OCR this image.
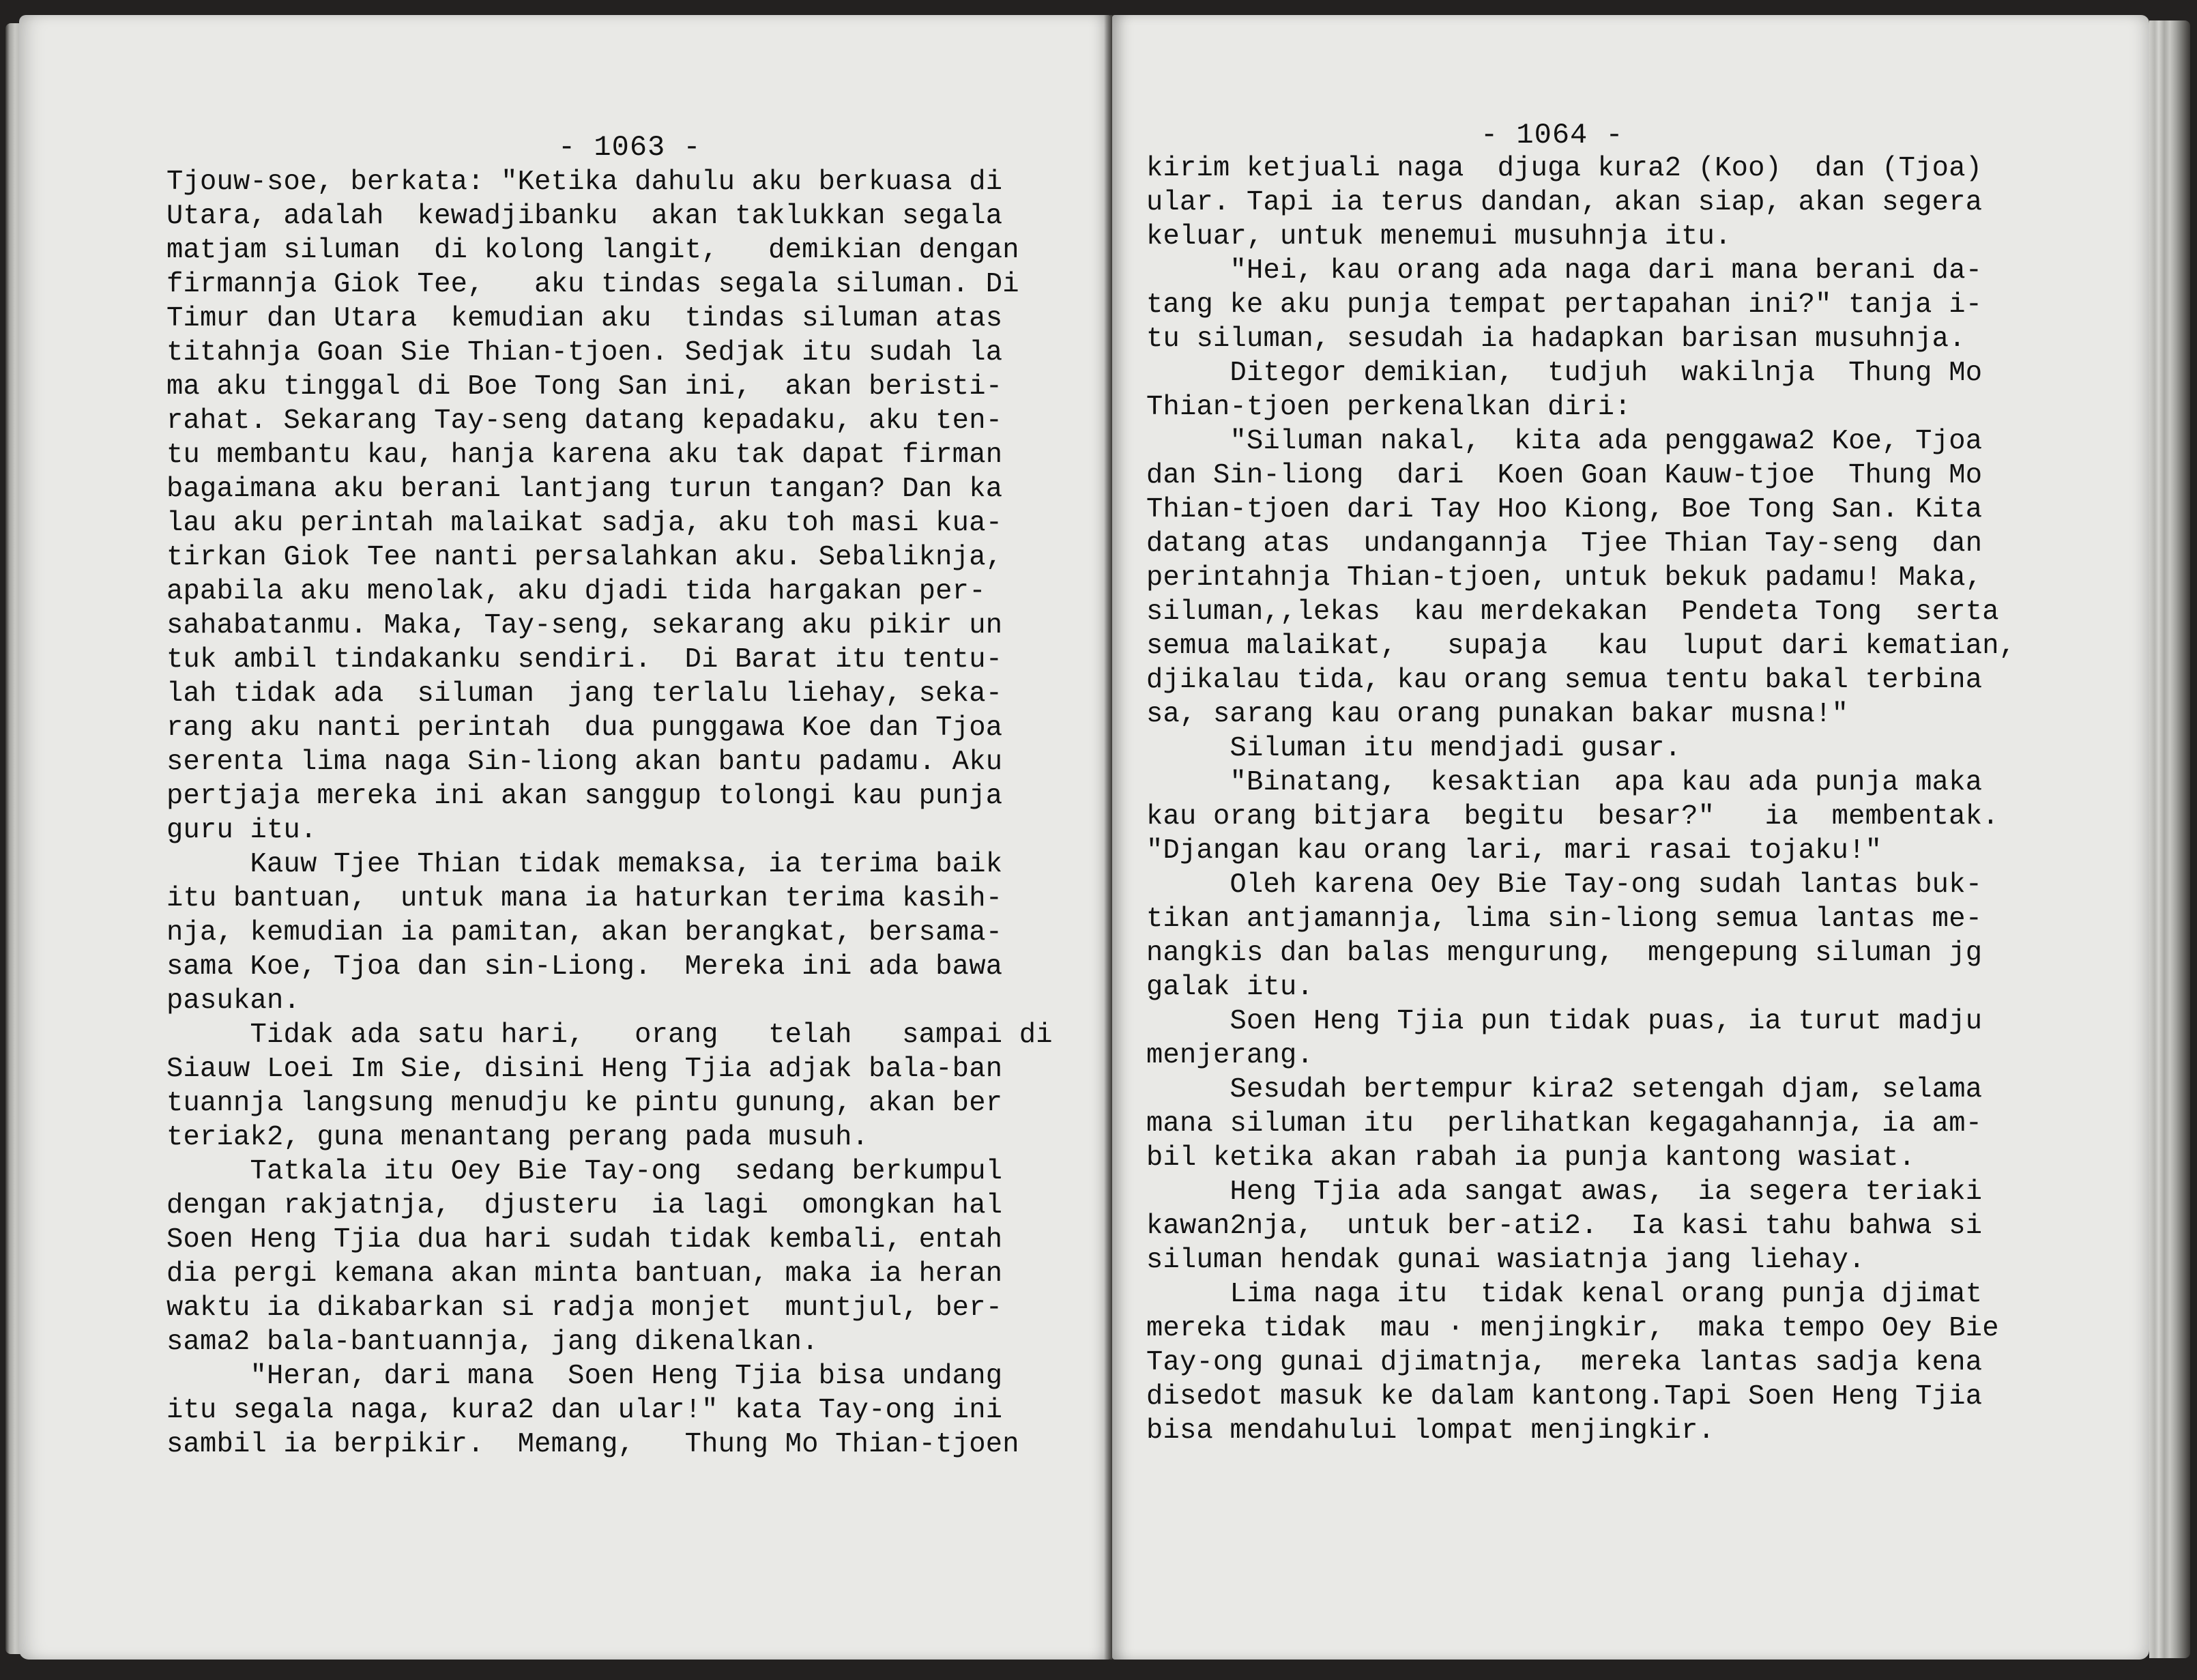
- 1063 -
Tjouw-soe, berkata: "Ketika dahulu aku berkuasa di
Utara, adalah  kewadjibanku  akan taklukkan segala
matjam siluman  di kolong langit,   demikian dengan
firmannja Giok Tee,   aku tindas segala siluman. Di
Timur dan Utara  kemudian aku  tindas siluman atas
titahnja Goan Sie Thian-tjoen. Sedjak itu sudah la
ma aku tinggal di Boe Tong San ini,  akan beristi-
rahat. Sekarang Tay-seng datang kepadaku, aku ten-
tu membantu kau, hanja karena aku tak dapat firman
bagaimana aku berani lantjang turun tangan? Dan ka
lau aku perintah malaikat sadja, aku toh masi kua-
tirkan Giok Tee nanti persalahkan aku. Sebaliknja,
apabila aku menolak, aku djadi tida hargakan per-
sahabatanmu. Maka, Tay-seng, sekarang aku pikir un
tuk ambil tindakanku sendiri.  Di Barat itu tentu-
lah tidak ada  siluman  jang terlalu liehay, seka-
rang aku nanti perintah  dua punggawa Koe dan Tjoa
serenta lima naga Sin-liong akan bantu padamu. Aku
pertjaja mereka ini akan sanggup tolongi kau punja
guru itu.
Kauw Tjee Thian tidak memaksa, ia terima baik
itu bantuan,  untuk mana ia haturkan terima kasih-
nja, kemudian ia pamitan, akan berangkat, bersama-
sama Koe, Tjoa dan sin-Liong.  Mereka ini ada bawa
pasukan.
Tidak ada satu hari,   orang   telah   sampai di
Siauw Loei Im Sie, disini Heng Tjia adjak bala-ban
tuannja langsung menudju ke pintu gunung, akan ber
teriak2, guna menantang perang pada musuh.
Tatkala itu Oey Bie Tay-ong  sedang berkumpul
dengan rakjatnja,  djusteru  ia lagi  omongkan hal
Soen Heng Tjia dua hari sudah tidak kembali, entah
dia pergi kemana akan minta bantuan, maka ia heran
waktu ia dikabarkan si radja monjet  muntjul, ber-
sama2 bala-bantuannja, jang dikenalkan.
"Heran, dari mana  Soen Heng Tjia bisa undang
itu segala naga, kura2 dan ular!" kata Tay-ong ini
sambil ia berpikir.  Memang,   Thung Mo Thian-tjoen
- 1064 -
kirim ketjuali naga  djuga kura2 (Koo)  dan (Tjoa)
ular. Tapi ia terus dandan, akan siap, akan segera
keluar, untuk menemui musuhnja itu.
"Hei, kau orang ada naga dari mana berani da-
tang ke aku punja tempat pertapahan ini?" tanja i-
tu siluman, sesudah ia hadapkan barisan musuhnja.
Ditegor demikian,  tudjuh  wakilnja  Thung Mo
Thian-tjoen perkenalkan diri:
"Siluman nakal,  kita ada penggawa2 Koe, Tjoa
dan Sin-liong  dari  Koen Goan Kauw-tjoe  Thung Mo
Thian-tjoen dari Tay Hoo Kiong, Boe Tong San. Kita
datang atas  undangannja  Tjee Thian Tay-seng  dan
perintahnja Thian-tjoen, untuk bekuk padamu! Maka,
siluman,,lekas  kau merdekakan  Pendeta Tong  serta
semua malaikat,   supaja   kau  luput dari kematian,
djikalau tida, kau orang semua tentu bakal terbina
sa, sarang kau orang punakan bakar musna!"
Siluman itu mendjadi gusar.
"Binatang,  kesaktian  apa kau ada punja maka
kau orang bitjara  begitu  besar?"   ia  membentak.
"Djangan kau orang lari, mari rasai tojaku!"
Oleh karena Oey Bie Tay-ong sudah lantas buk-
tikan antjamannja, lima sin-liong semua lantas me-
nangkis dan balas mengurung,  mengepung siluman jg
galak itu.
Soen Heng Tjia pun tidak puas, ia turut madju
menjerang.
Sesudah bertempur kira2 setengah djam, selama
mana siluman itu  perlihatkan kegagahannja, ia am-
bil ketika akan rabah ia punja kantong wasiat.
Heng Tjia ada sangat awas,  ia segera teriaki
kawan2nja,  untuk ber-ati2.  Ia kasi tahu bahwa si
siluman hendak gunai wasiatnja jang liehay.
Lima naga itu  tidak kenal orang punja djimat
mereka tidak  mau · menjingkir,  maka tempo Oey Bie
Tay-ong gunai djimatnja,  mereka lantas sadja kena
disedot masuk ke dalam kantong.Tapi Soen Heng Tjia
bisa mendahului lompat menjingkir.
